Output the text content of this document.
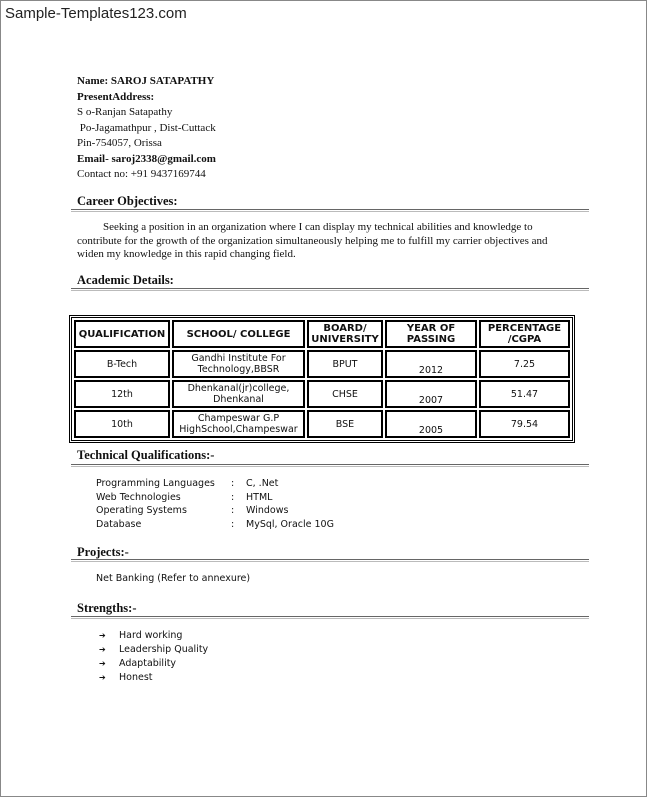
Sample-Templates123.com
Name: SAROJ SATAPATHY
PresentAddress:
S o-Ranjan Satapathy
Po-Jagamathpur , Dist-Cuttack
Pin-754057, Orissa
Email- saroj2338@gmail.com
Contact no: +91 9437169744
Career Objectives:
Seeking a position in an organization where I can display my technical abilities and knowledge to contribute for the growth of the organization simultaneously helping me to fulfill my carrier objectives and widen my knowledge in this rapid changing field.
Academic Details:
QUALIFICATION	SCHOOL/ COLLEGE	BOARD/ UNIVERSITY	YEAR OF PASSING	PERCENTAGE /CGPA
B-Tech	Gandhi Institute For Technology,BBSR	BPUT	2012	7.25
12th	Dhenkanal(jr)college, Dhenkanal	CHSE	2007	51.47
10th	Champeswar G.P HighSchool,Champeswar	BSE	2005	79.54
Technical Qualifications:-
Programming Languages	:	C, .Net
Web Technologies	:	HTML
Operating Systems	:	Windows
Database	:	MySql, Oracle 10G
Projects:-
Net Banking (Refer to annexure)
Strengths:-
➔ Hard working
➔ Leadership Quality
➔ Adaptability
➔ Honest
